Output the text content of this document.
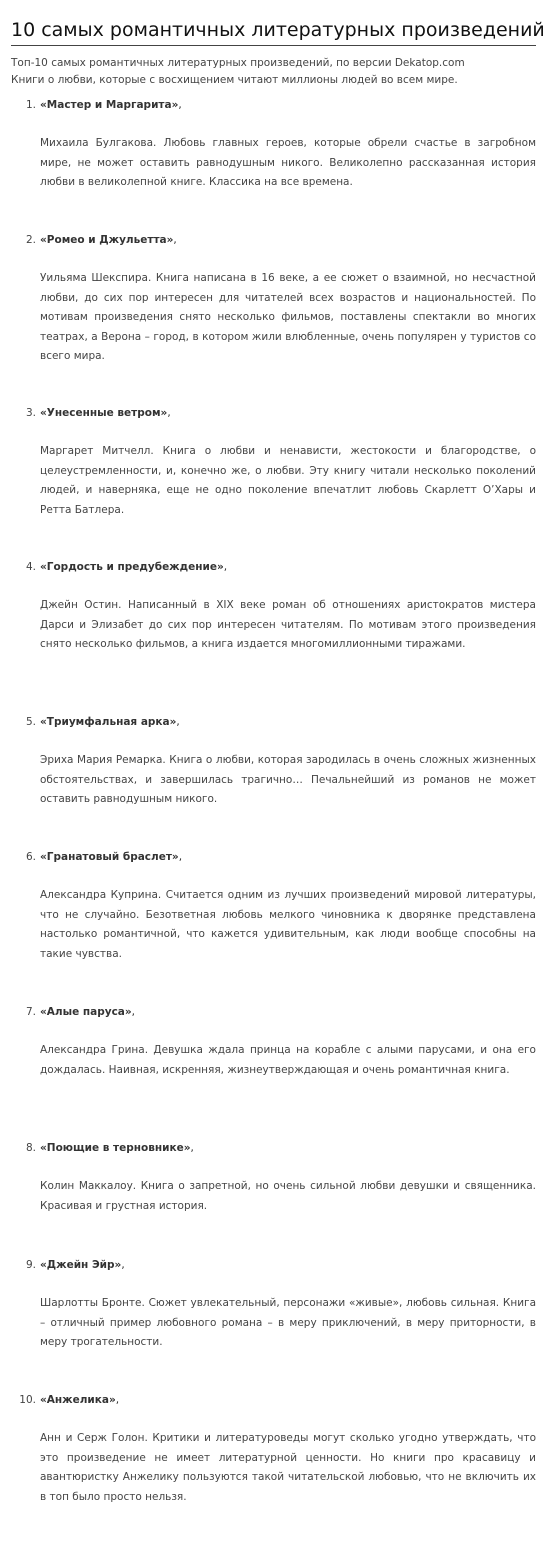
10 самых романтичных литературных произведений
Топ-10 самых романтичных литературных произведений, по версии Dekatop.com
Книги о любви, которые с восхищением читают миллионы людей во всем мире.
1. «Мастер и Маргарита»,
Михаила Булгакова. Любовь главных героев, которые обрели счастье в загробном мире, не может оставить равнодушным никого. Великолепно рассказанная история любви в великолепной книге. Классика на все времена.
2. «Ромео и Джульетта»,
Уильяма Шекспира. Книга написана в 16 веке, а ее сюжет о взаимной, но несчастной любви, до сих пор интересен для читателей всех возрастов и национальностей. По мотивам произведения снято несколько фильмов, поставлены спектакли во многих театрах, а Верона – город, в котором жили влюбленные, очень популярен у туристов со всего мира.
3. «Унесенные ветром»,
Маргарет Митчелл. Книга о любви и ненависти, жестокости и благородстве, о целеустремленности, и, конечно же, о любви. Эту книгу читали несколько поколений людей, и наверняка, еще не одно поколение впечатлит любовь Скарлетт О’Хары и Ретта Батлера.
4. «Гордость и предубеждение»,
Джейн Остин. Написанный в XIX веке роман об отношениях аристократов мистера Дарси и Элизабет до сих пор интересен читателям. По мотивам этого произведения снято несколько фильмов, а книга издается многомиллионными тиражами.
5. «Триумфальная арка»,
Эриха Мария Ремарка. Книга о любви, которая зародилась в очень сложных жизненных обстоятельствах, и завершилась трагично… Печальнейший из романов не может оставить равнодушным никого.
6. «Гранатовый браслет»,
Александра Куприна. Считается одним из лучших произведений мировой литературы, что не случайно. Безответная любовь мелкого чиновника к дворянке представлена настолько романтичной, что кажется удивительным, как люди вообще способны на такие чувства.
7. «Алые паруса»,
Александра Грина. Девушка ждала принца на корабле с алыми парусами, и она его дождалась. Наивная, искренняя, жизнеутверждающая и очень романтичная книга.
8. «Поющие в терновнике»,
Колин Маккалоу. Книга о запретной, но очень сильной любви девушки и священника. Красивая и грустная история.
9. «Джейн Эйр»,
Шарлотты Бронте. Сюжет увлекательный, персонажи «живые», любовь сильная. Книга – отличный пример любовного романа – в меру приключений, в меру приторности, в меру трогательности.
10. «Анжелика»,
Анн и Серж Голон. Критики и литературоведы могут сколько угодно утверждать, что это произведение не имеет литературной ценности. Но книги про красавицу и авантюристку Анжелику пользуются такой читательской любовью, что не включить их в топ было просто нельзя.
